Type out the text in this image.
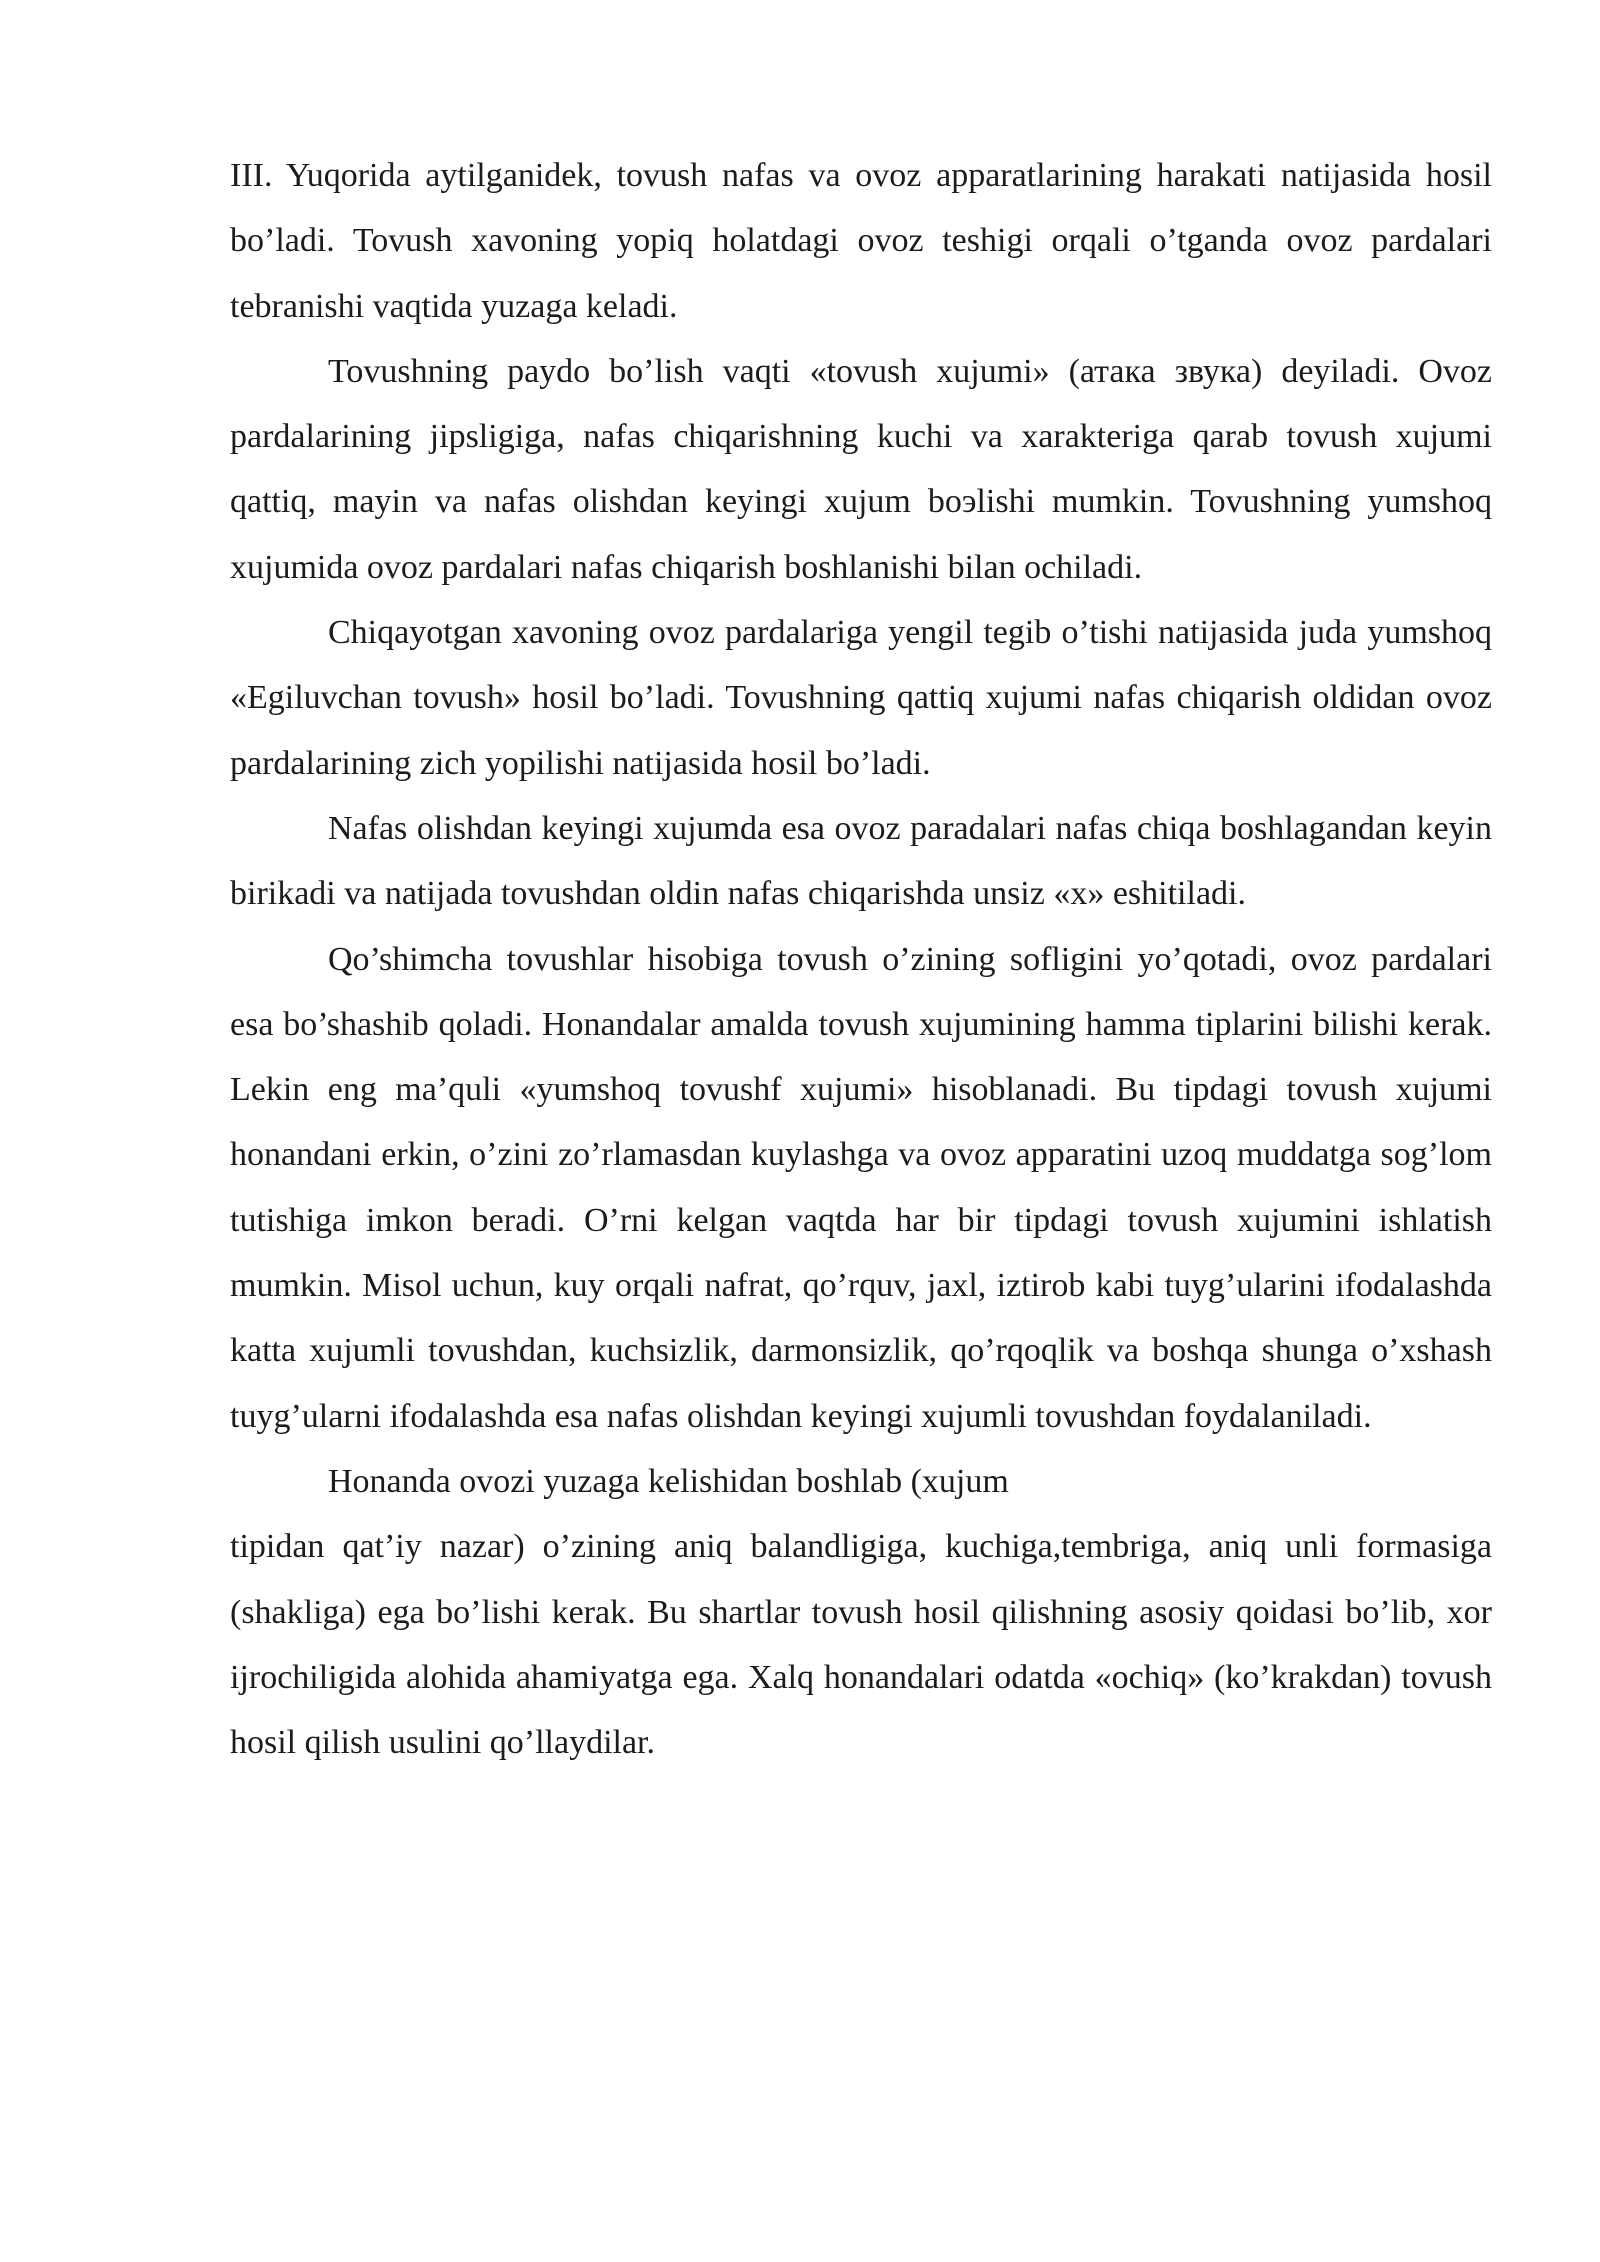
III. Yuqorida aytilganidek, tovush nafas va ovoz apparatlarining harakati natijasida hosil bo’ladi. Tovush xavoning yopiq holatdagi ovoz teshigi orqali o’tganda ovoz pardalari tebranishi vaqtida yuzaga keladi.

Tovushning paydo bo’lish vaqti «tovush xujumi» (атака звука) deyiladi. Ovoz pardalarining jipsligiga, nafas chiqarishning kuchi va xarakteriga qarab tovush xujumi qattiq, mayin va nafas olishdan keyingi xujum boэlishi mumkin. Tovushning yumshoq xujumida ovoz pardalari nafas chiqarish boshlanishi bilan ochiladi.

Chiqayotgan xavoning ovoz pardalariga yengil tegib o’tishi natijasida juda yumshoq «Egiluvchan tovush» hosil bo’ladi. Tovushning qattiq xujumi nafas chiqarish oldidan ovoz pardalarining zich yopilishi natijasida hosil bo’ladi.

Nafas olishdan keyingi xujumda esa ovoz paradalari nafas chiqa boshlagandan keyin birikadi va natijada tovushdan oldin nafas chiqarishda unsiz «x» eshitiladi.

Qo’shimcha tovushlar hisobiga tovush o’zining sofligini yo’qotadi, ovoz pardalari esa bo’shashib qoladi. Honandalar amalda tovush xujumining hamma tiplarini bilishi kerak. Lekin eng ma’quli «yumshoq tovushf xujumi» hisoblanadi. Bu tipdagi tovush xujumi honandani erkin, o’zini zo’rlamasdan kuylashga va ovoz apparatini uzoq muddatga sog’lom tutishiga imkon beradi. O’rni kelgan vaqtda har bir tipdagi tovush xujumini ishlatish mumkin. Misol uchun, kuy orqali nafrat, qo’rquv, jaxl, iztirob kabi tuyg’ularini ifodalashda katta xujumli tovushdan, kuchsizlik, darmonsizlik, qo’rqoqlik va boshqa shunga o’xshash tuyg’ularni ifodalashda esa nafas olishdan keyingi xujumli tovushdan foydalaniladi.
Honanda ovozi yuzaga kelishidan boshlab (xujum

tipidan qat’iy nazar) o’zining aniq balandligiga, kuchiga,tembriga, aniq unli formasiga (shakliga) ega bo’lishi kerak. Bu shartlar tovush hosil qilishning asosiy qoidasi bo’lib, xor ijrochiligida alohida ahamiyatga ega. Xalq honandalari odatda «ochiq» (ko’krakdan) tovush hosil qilish usulini qo’llaydilar.
